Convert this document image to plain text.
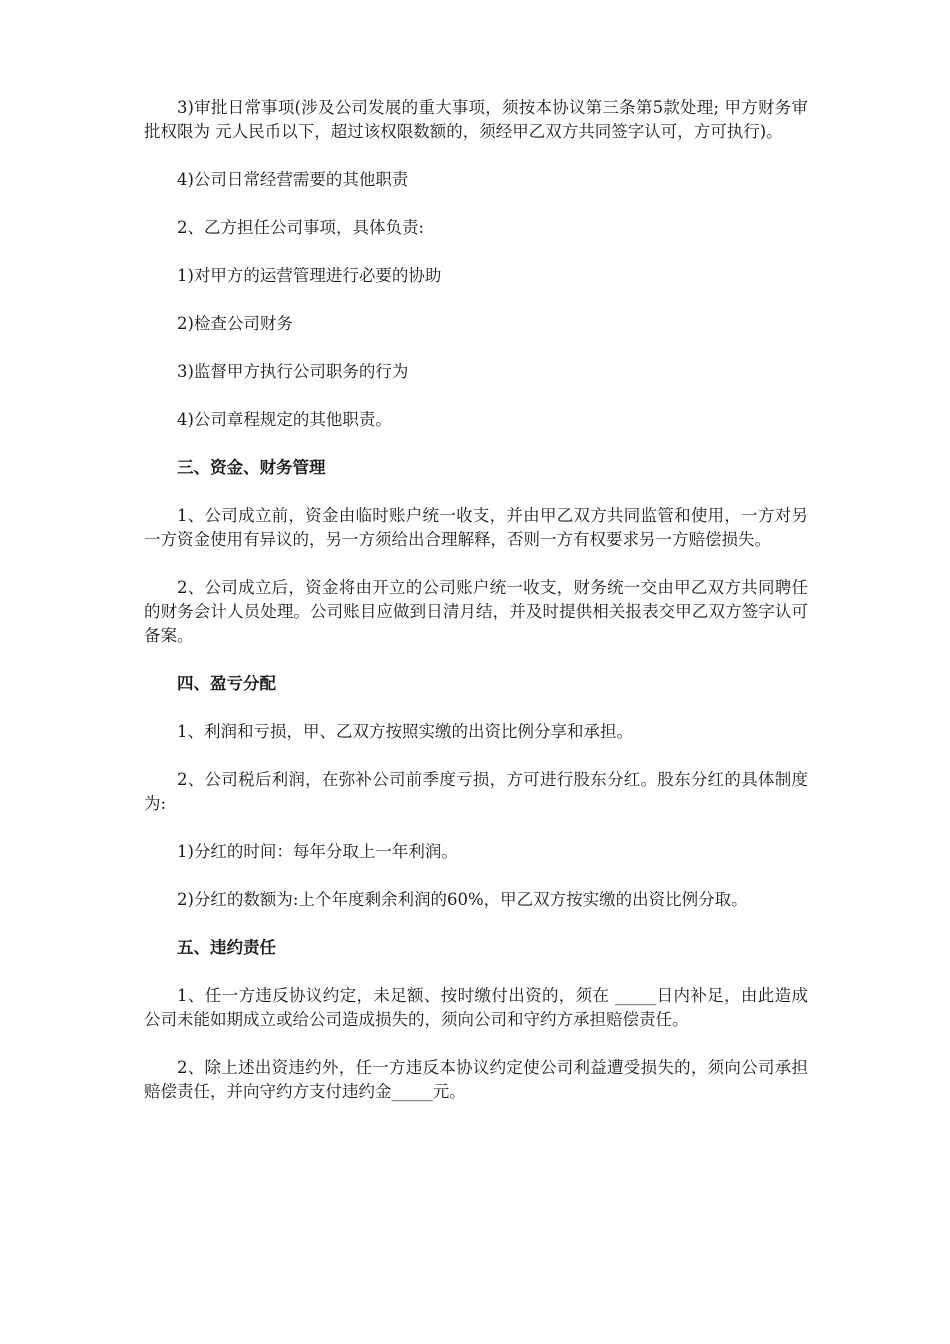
3)审批日常事项(涉及公司发展的重大事项，须按本协议第三条第5款处理; 甲方财务审批权限为 元人民币以下，超过该权限数额的，须经甲乙双方共同签字认可，方可执行)。

4)公司日常经营需要的其他职责

2、乙方担任公司事项，具体负责:

1)对甲方的运营管理进行必要的协助

2)检查公司财务

3)监督甲方执行公司职务的行为

4)公司章程规定的其他职责。

三、资金、财务管理

1、公司成立前，资金由临时账户统一收支，并由甲乙双方共同监管和使用，一方对另一方资金使用有异议的，另一方须给出合理解释，否则一方有权要求另一方赔偿损失。

2、公司成立后，资金将由开立的公司账户统一收支，财务统一交由甲乙双方共同聘任的财务会计人员处理。公司账目应做到日清月结，并及时提供相关报表交甲乙双方签字认可备案。

四、盈亏分配

1、利润和亏损，甲、乙双方按照实缴的出资比例分享和承担。

2、公司税后利润，在弥补公司前季度亏损，方可进行股东分红。股东分红的具体制度为:

1)分红的时间：每年分取上一年利润。

2)分红的数额为:上个年度剩余利润的60%，甲乙双方按实缴的出资比例分取。

五、违约责任

1、任一方违反协议约定，未足额、按时缴付出资的，须在 _____日内补足，由此造成公司未能如期成立或给公司造成损失的，须向公司和守约方承担赔偿责任。

2、除上述出资违约外，任一方违反本协议约定使公司利益遭受损失的，须向公司承担赔偿责任，并向守约方支付违约金_____元。
